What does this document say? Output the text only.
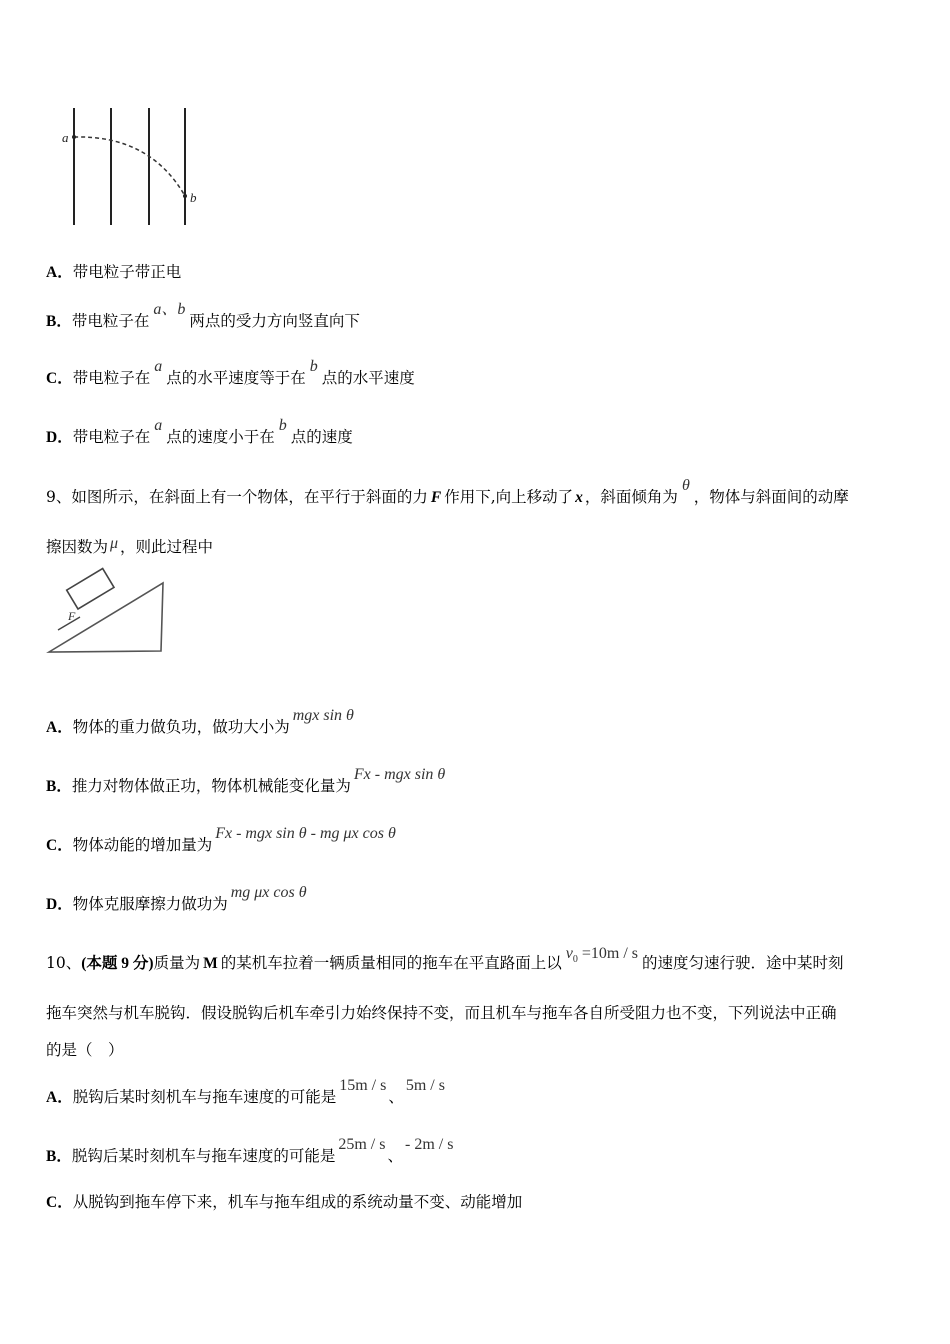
a
b
A．带电粒子带正电
B．带电粒子在a、b两点的受力方向竖直向下
C．带电粒子在a点的水平速度等于在b点的水平速度
D．带电粒子在a点的速度小于在b点的速度
9、如图所示，在斜面上有一个物体，在平行于斜面的力 F 作用下,向上移动了 x ，斜面倾角为θ，物体与斜面间的动摩
擦因数为 μ ，则此过程中
F
A．物体的重力做负功，做功大小为mgx sin θ
B．推力对物体做正功，物体机械能变化量为Fx - mgx sin θ
C．物体动能的增加量为Fx - mgx sin θ - mg μx cos θ
D．物体克服摩擦力做功为mg μx cos θ
10、(本题 9 分)质量为 M 的某机车拉着一辆质量相同的拖车在平直路面上以$v_0 =10m / s$的速度匀速行驶．途中某时刻
拖车突然与机车脱钩．假设脱钩后机车牵引力始终保持不变，而且机车与拖车各自所受阻力也不变，下列说法中正确
的是（　）
A．脱钩后某时刻机车与拖车速度的可能是15m / s、5m / s
B．脱钩后某时刻机车与拖车速度的可能是25m / s、- 2m / s
C．从脱钩到拖车停下来，机车与拖车组成的系统动量不变、动能增加
